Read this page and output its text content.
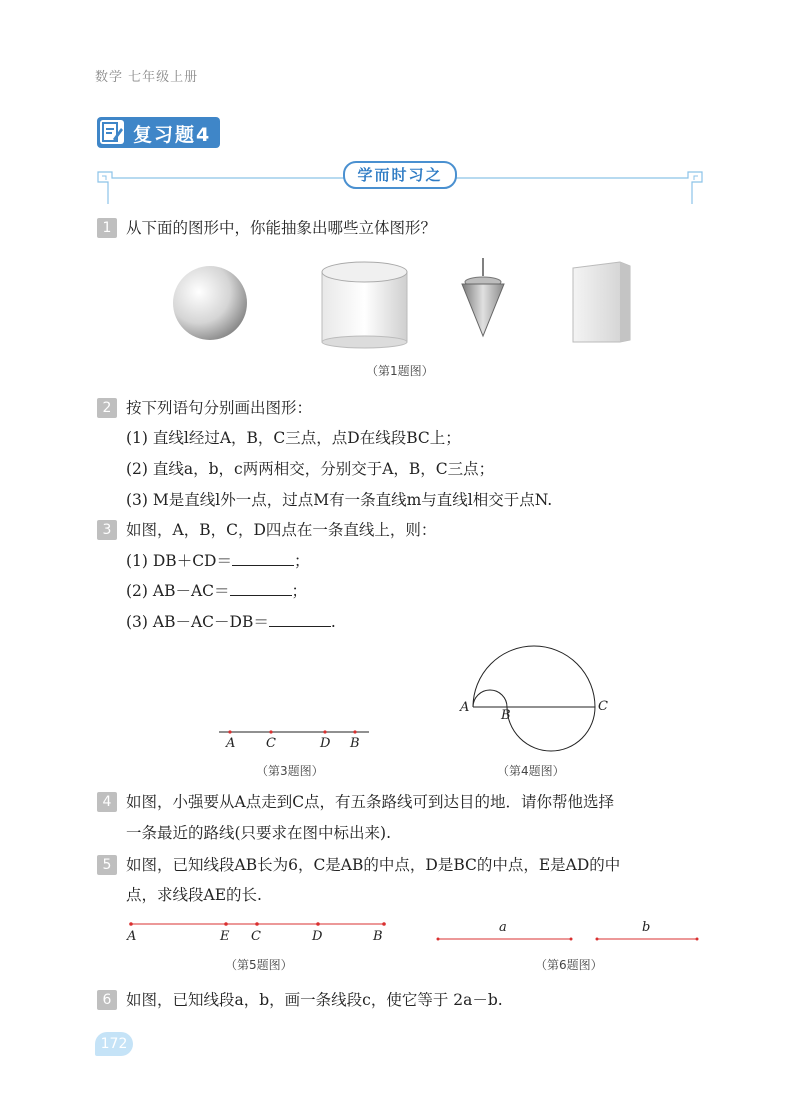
数学 七年级上册
复习题4
学而时习之
1 从下面的图形中，你能抽象出哪些立体图形？
（第1题图）
2 按下列语句分别画出图形：
(1) 直线l经过A，B，C三点，点D在线段BC上；
(2) 直线a，b，c两两相交，分别交于A，B，C三点；
(3) M是直线l外一点，过点M有一条直线m与直线l相交于点N.
3 如图，A，B，C，D四点在一条直线上，则：
(1) DB＋CD＝	；
(2) AB－AC＝	；
(3) AB－AC－DB＝	.
A C	D B
（第3题图）
A
B
C
（第4题图）
4 如图，小强要从A点走到C点，有五条路线可到达目的地．请你帮他选择
一条最近的路线(只要求在图中标出来).
5 如图，已知线段AB长为6，C是AB的中点，D是BC的中点，E是AD的中
点，求线段AE的长.
A	E C	D	B
（第5题图）
a	b
（第6题图）
6 如图，已知线段a，b，画一条线段c，使它等于 2a－b.
172
